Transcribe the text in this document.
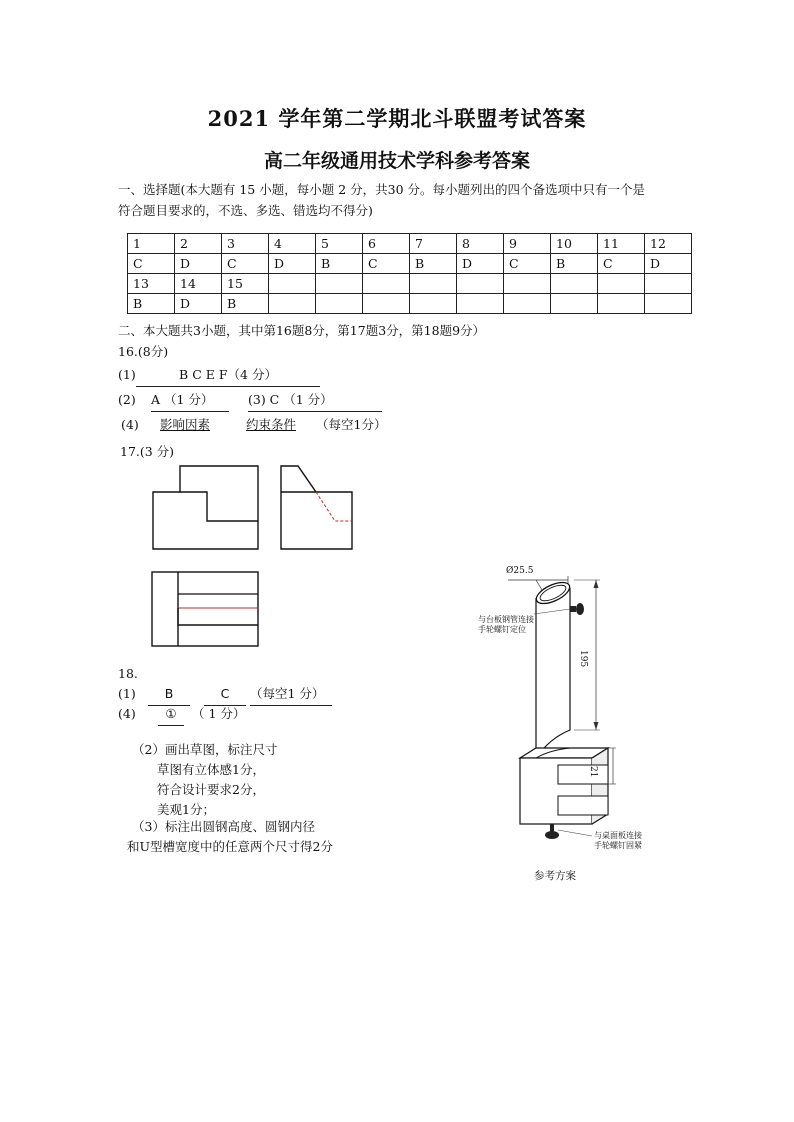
2021 学年第二学期北斗联盟考试答案
高二年级通用技术学科参考答案
一、选择题(本大题有 15 小题，每小题 2 分，共30 分。每小题列出的四个备选项中只有一个是
符合题目要求的，不选、多选、错选均不得分)
1	2	3	4	5	6	7	8	9	10	11	12
C	D	C	D	B	C	B	D	C	B	C	D
13	14	15									
B	D	B									
二、本大题共3小题，其中第16题8分，第17题3分，第18题9分）
16.(8分)
(1)	B C E F（4 分）
(2) A （1 分）	(3) C （1 分）
(4) 影响因素	约束条件 （每空1分）
17.(3 分)
18.
(1)	B	C	（每空1 分）
(4)	①	（ 1 分）
（2）画出草图，标注尺寸
草图有立体感1分，
符合设计要求2分，
美观1分；
（3）标注出圆钢高度、圆钢内径
和U型槽宽度中的任意两个尺寸得2分
Ø25.5
195
21
与台板钢管连接
手轮螺钉定位
与桌面板连接
手轮螺钉固紧
参考方案
